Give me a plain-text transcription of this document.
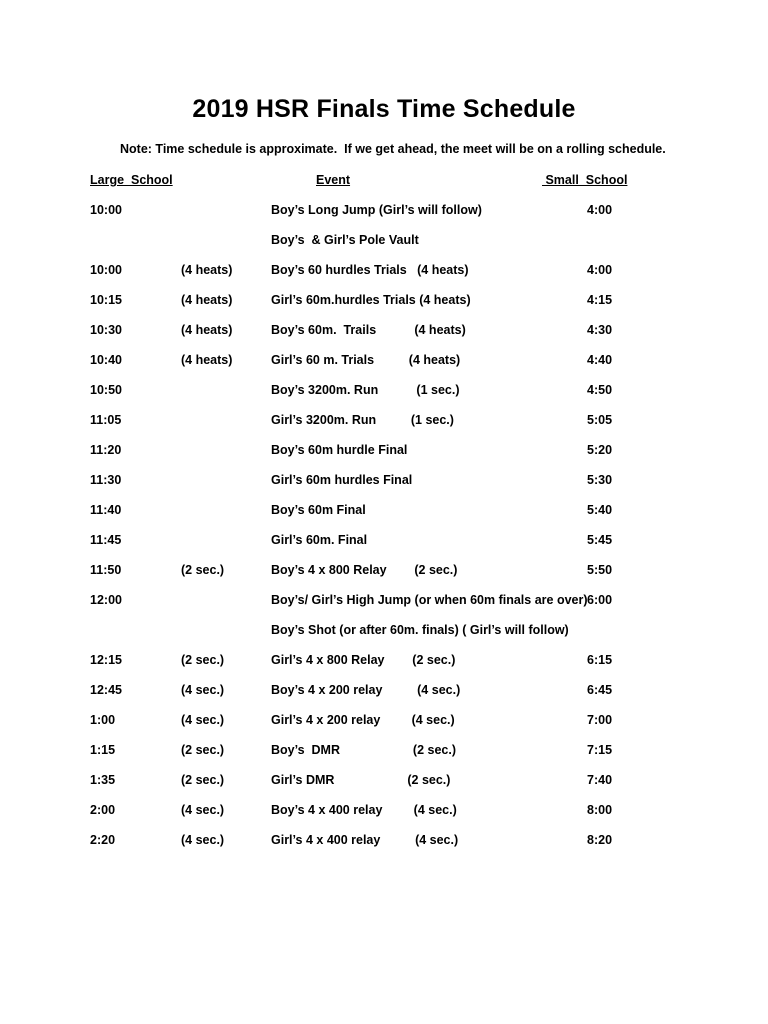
2019 HSR Finals Time Schedule
Note: Time schedule is approximate.  If we get ahead, the meet will be on a rolling schedule.
Large  School	Event	Small  School
10:00	Boy’s Long Jump (Girl’s will follow)	4:00
Boy’s  & Girl’s Pole Vault
10:00	(4 heats)	Boy’s 60 hurdles Trials   (4 heats)	4:00
10:15	(4 heats)	Girl’s 60m.hurdles Trials (4 heats)	4:15
10:30	(4 heats)	Boy’s 60m.  Trails           (4 heats)	4:30
10:40	(4 heats)	Girl’s 60 m. Trials          (4 heats)	4:40
10:50	Boy’s 3200m. Run           (1 sec.)	4:50
11:05	Girl’s 3200m. Run          (1 sec.)	5:05
11:20	Boy’s 60m hurdle Final	5:20
11:30	Girl’s 60m hurdles Final	5:30
11:40	Boy’s 60m Final	5:40
11:45	Girl’s 60m. Final	5:45
11:50	(2 sec.)	Boy’s 4 x 800 Relay        (2 sec.)	5:50
12:00	Boy’s/ Girl’s High Jump (or when 60m finals are over) 6:00
Boy’s Shot (or after 60m. finals) ( Girl’s will follow)
12:15	(2 sec.)	Girl’s 4 x 800 Relay        (2 sec.)	6:15
12:45	(4 sec.)	Boy’s 4 x 200 relay          (4 sec.)	6:45
1:00	(4 sec.)	Girl’s 4 x 200 relay         (4 sec.)	7:00
1:15	(2 sec.)	Boy’s  DMR                     (2 sec.)	7:15
1:35	(2 sec.)	Girl’s DMR                     (2 sec.)	7:40
2:00	(4 sec.)	Boy’s 4 x 400 relay         (4 sec.)	8:00
2:20	(4 sec.)	Girl’s 4 x 400 relay          (4 sec.)	8:20
